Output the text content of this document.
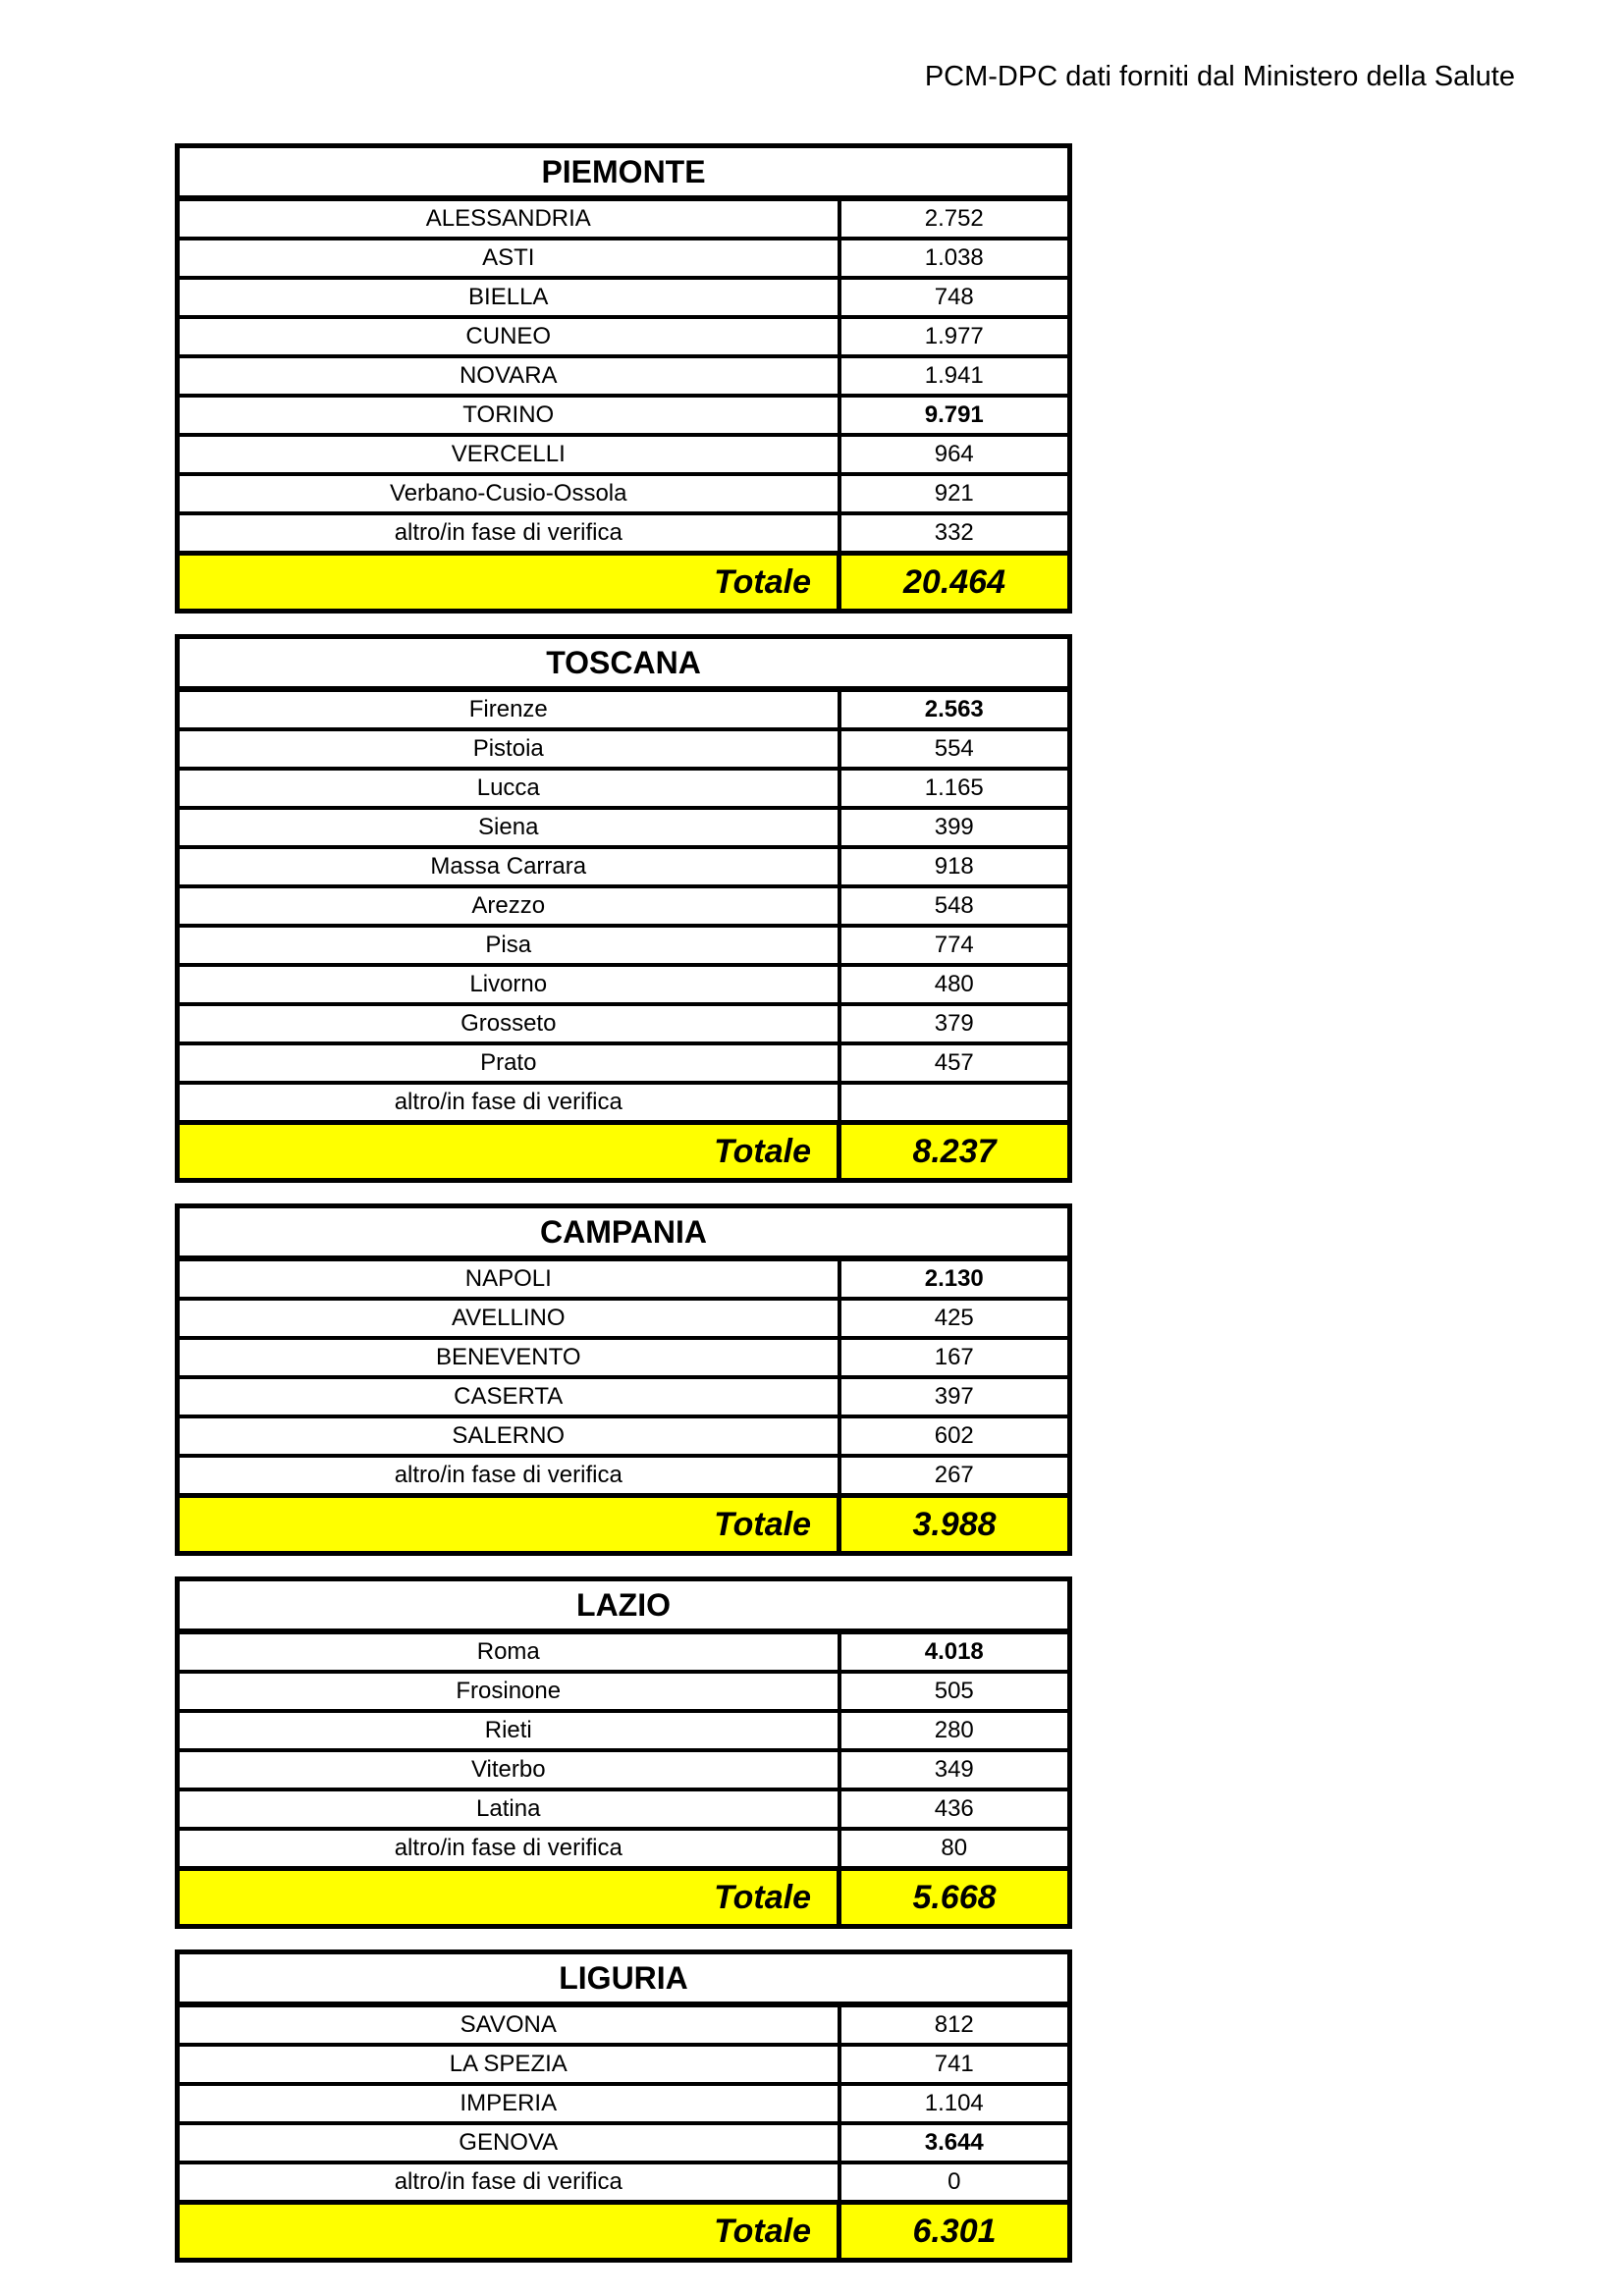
PCM-DPC dati forniti dal Ministero della Salute
PIEMONTE	
ALESSANDRIA	2.752
ASTI	1.038
BIELLA	748
CUNEO	1.977
NOVARA	1.941
TORINO	9.791
VERCELLI	964
Verbano-Cusio-Ossola	921
altro/in fase di verifica	332
Totale	20.464
TOSCANA	
Firenze	2.563
Pistoia	554
Lucca	1.165
Siena	399
Massa Carrara	918
Arezzo	548
Pisa	774
Livorno	480
Grosseto	379
Prato	457
altro/in fase di verifica	
Totale	8.237
CAMPANIA	
NAPOLI	2.130
AVELLINO	425
BENEVENTO	167
CASERTA	397
SALERNO	602
altro/in fase di verifica	267
Totale	3.988
LAZIO	
Roma	4.018
Frosinone	505
Rieti	280
Viterbo	349
Latina	436
altro/in fase di verifica	80
Totale	5.668
LIGURIA	
SAVONA	812
LA SPEZIA	741
IMPERIA	1.104
GENOVA	3.644
altro/in fase di verifica	0
Totale	6.301
